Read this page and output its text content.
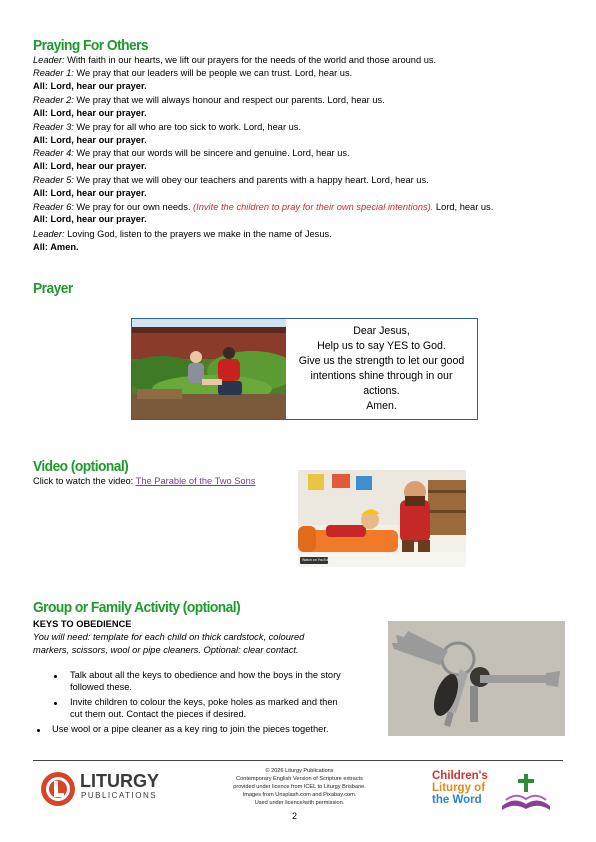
Praying For Others
Leader: With faith in our hearts, we lift our prayers for the needs of the world and those around us.
Reader 1: We pray that our leaders will be people we can trust. Lord, hear us.
All: Lord, hear our prayer.
Reader 2: We pray that we will always honour and respect our parents. Lord, hear us.
All: Lord, hear our prayer.
Reader 3: We pray for all who are too sick to work. Lord, hear us.
All: Lord, hear our prayer.
Reader 4: We pray that our words will be sincere and genuine. Lord, hear us.
All: Lord, hear our prayer.
Reader 5: We pray that we will obey our teachers and parents with a happy heart. Lord, hear us.
All: Lord, hear our prayer.
Reader 6: We pray for our own needs. (Invite the children to pray for their own special intentions). Lord, hear us.
All: Lord, hear our prayer.
Leader: Loving God, listen to the prayers we make in the name of Jesus.
All: Amen.
Prayer
Dear Jesus,
Help us to say YES to God.
Give us the strength to let our good
intentions shine through in our
actions.
Amen.
Video (optional)
Click to watch the video: The Parable of the Two Sons
Watch on YouTube
Group or Family Activity (optional)
KEYS TO OBEDIENCE
You will need: template for each child on thick cardstock, coloured
markers, scissors, wool or pipe cleaners. Optional: clear contact.
Talk about all the keys to obedience and how the boys in the story
followed these.
Invite children to colour the keys, poke holes as marked and then
cut them out. Contact the pieces if desired.
Use wool or a pipe cleaner as a key ring to join the pieces together.
LITURGY
PUBLICATIONS
© 2026 Liturgy Publications
Contemporary English Version of Scripture extracts
provided under licence from ICEL to Liturgy Brisbane.
Images from Unsplash.com and Pixabay.com.
Used under licence/with permission.
2
Children's
Liturgy of
the Word
